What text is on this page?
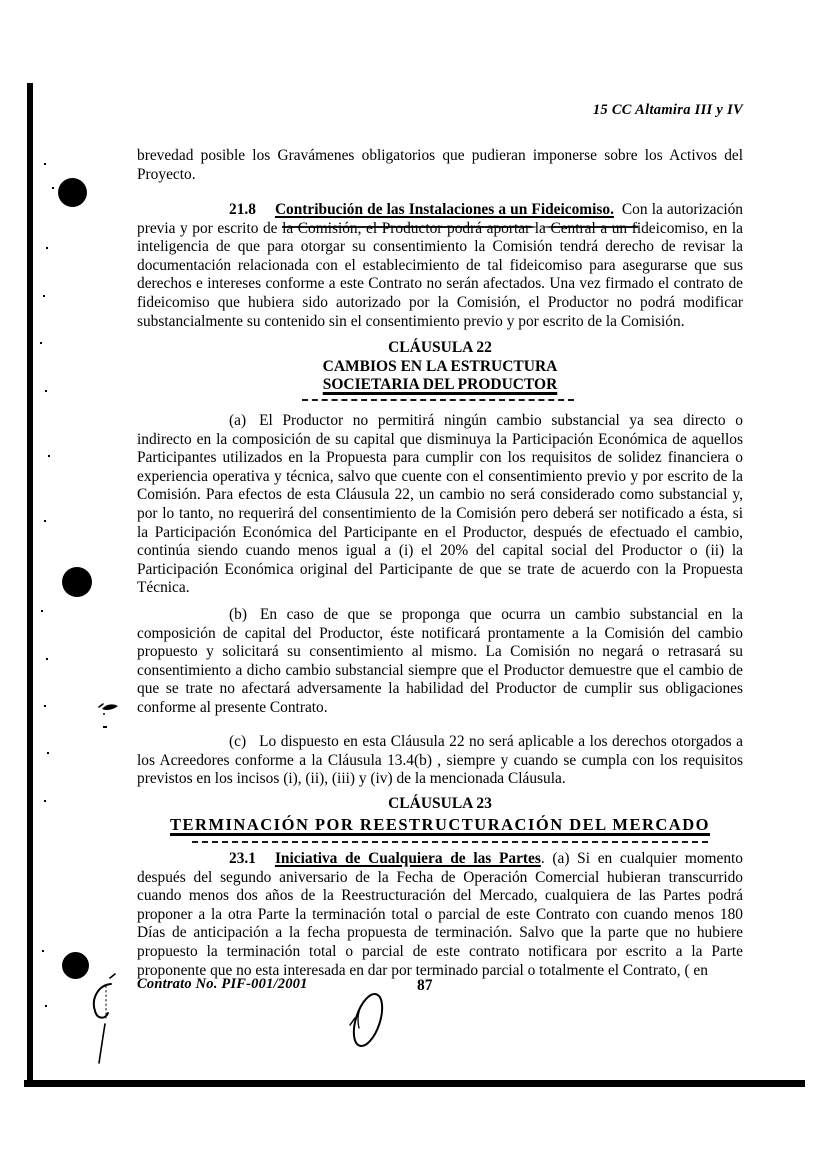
15 CC Altamira III y IV

brevedad posible los Gravámenes obligatorios que pudieran imponerse sobre los Activos del Proyecto.

21.8 Contribución de las Instalaciones a un Fideicomiso. Con la autorización previa y por escrito de la Comisión, el Productor podrá aportar la Central a un fideicomiso, en la inteligencia de que para otorgar su consentimiento la Comisión tendrá derecho de revisar la documentación relacionada con el establecimiento de tal fideicomiso para asegurarse que sus derechos e intereses conforme a este Contrato no serán afectados. Una vez firmado el contrato de fideicomiso que hubiera sido autorizado por la Comisión, el Productor no podrá modificar substancialmente su contenido sin el consentimiento previo y por escrito de la Comisión.

CLÁUSULA 22
CAMBIOS EN LA ESTRUCTURA
SOCIETARIA DEL PRODUCTOR

(a) El Productor no permitirá ningún cambio substancial ya sea directo o indirecto en la composición de su capital que disminuya la Participación Económica de aquellos Participantes utilizados en la Propuesta para cumplir con los requisitos de solidez financiera o experiencia operativa y técnica, salvo que cuente con el consentimiento previo y por escrito de la Comisión. Para efectos de esta Cláusula 22, un cambio no será considerado como substancial y, por lo tanto, no requerirá del consentimiento de la Comisión pero deberá ser notificado a ésta, si la Participación Económica del Participante en el Productor, después de efectuado el cambio, continúa siendo cuando menos igual a (i) el 20% del capital social del Productor o (ii) la Participación Económica original del Participante de que se trate de acuerdo con la Propuesta Técnica.

(b) En caso de que se proponga que ocurra un cambio substancial en la composición de capital del Productor, éste notificará prontamente a la Comisión del cambio propuesto y solicitará su consentimiento al mismo. La Comisión no negará o retrasará su consentimiento a dicho cambio substancial siempre que el Productor demuestre que el cambio de que se trate no afectará adversamente la habilidad del Productor de cumplir sus obligaciones conforme al presente Contrato.

(c) Lo dispuesto en esta Cláusula 22 no será aplicable a los derechos otorgados a los Acreedores conforme a la Cláusula 13.4(b) , siempre y cuando se cumpla con los requisitos previstos en los incisos (i), (ii), (iii) y (iv) de la mencionada Cláusula.

CLÁUSULA 23
TERMINACIÓN POR REESTRUCTURACIÓN DEL MERCADO

23.1 Iniciativa de Cualquiera de las Partes. (a) Si en cualquier momento después del segundo aniversario de la Fecha de Operación Comercial hubieran transcurrido cuando menos dos años de la Reestructuración del Mercado, cualquiera de las Partes podrá proponer a la otra Parte la terminación total o parcial de este Contrato con cuando menos 180 Días de anticipación a la fecha propuesta de terminación. Salvo que la parte que no hubiere propuesto la terminación total o parcial de este contrato notificara por escrito a la Parte proponente que no esta interesada en dar por terminado parcial o totalmente el Contrato, ( en

Contrato No. PIF-001/2001	87
